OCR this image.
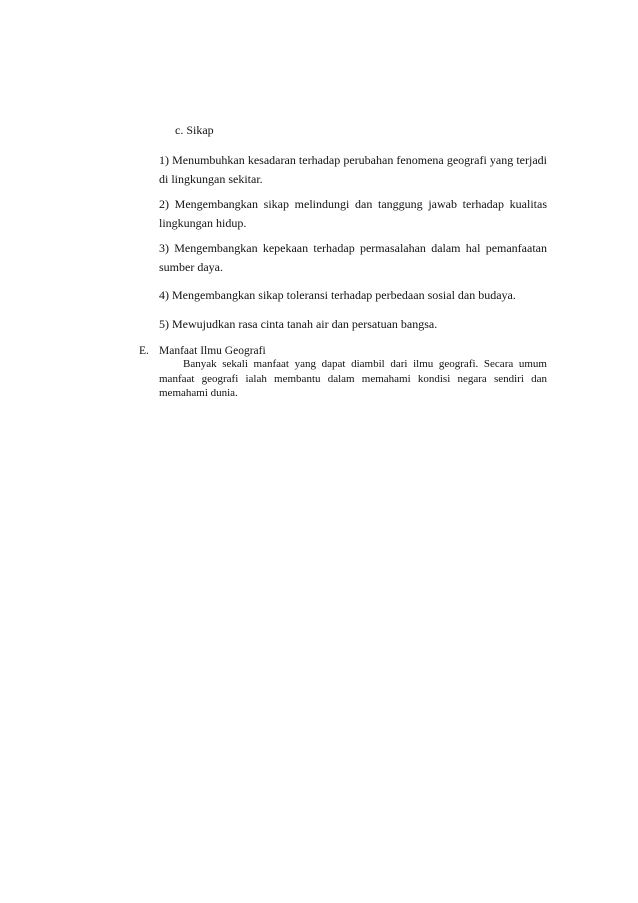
c. Sikap
1) Menumbuhkan kesadaran terhadap perubahan fenomena geografi yang terjadi di lingkungan sekitar.
2) Mengembangkan sikap melindungi dan tanggung jawab terhadap kualitas lingkungan hidup.
3) Mengembangkan kepekaan terhadap permasalahan dalam hal pemanfaatan sumber daya.
4) Mengembangkan sikap toleransi terhadap perbedaan sosial dan budaya.
5) Mewujudkan rasa cinta tanah air dan persatuan bangsa.
E. Manfaat Ilmu Geografi
Banyak sekali manfaat yang dapat diambil dari ilmu geografi. Secara umum manfaat geografi ialah membantu dalam memahami kondisi negara sendiri dan memahami dunia.
